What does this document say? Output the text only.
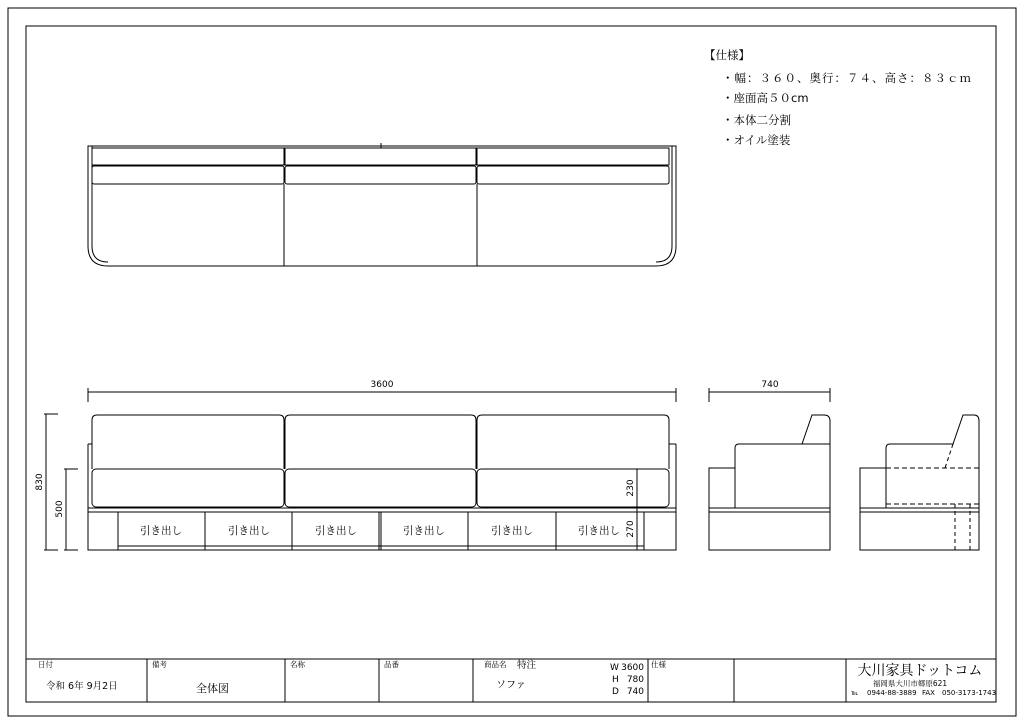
引き出し	引き出し	引き出し	引き出し	引き出し	引き出し
3600
830
500
230
270
740
日付	備考	名称	品番	商品名	仕様
令和 6年 9月2日	全体図
特注
ソファ
W 3600
H 780
D 740
大川家具ドットコム
福岡県大川市郷原621
℡ 0944-88-3889 FAX 050-3173-1743
【仕様】
・幅：３６０、奥行：７４、高さ：８３ｃｍ
・座面高５０cm
・本体二分割
・オイル塗装
